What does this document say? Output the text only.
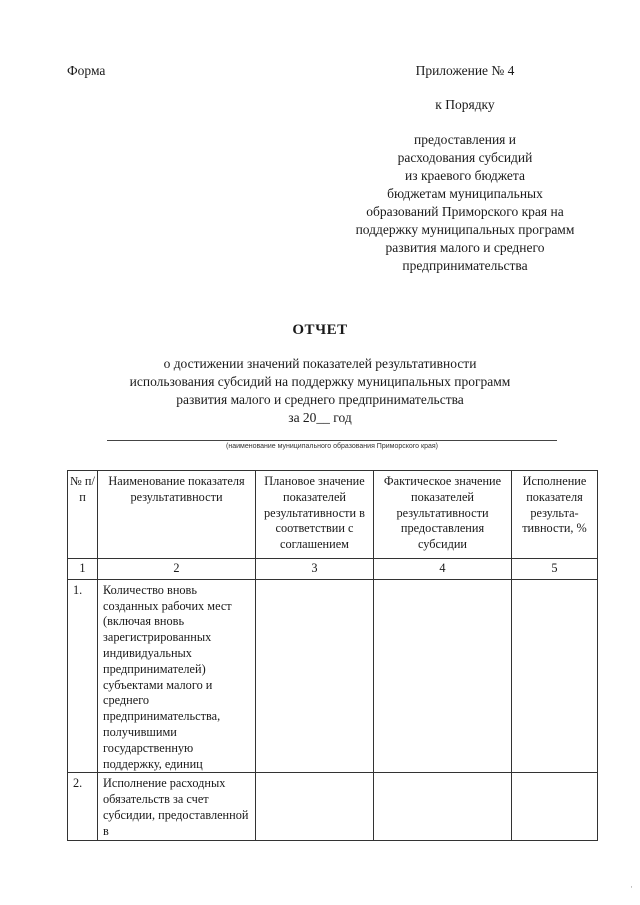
Форма	Приложение № 4
к Порядку
предоставления и
расходования субсидий
из краевого бюджета
бюджетам муниципальных
образований Приморского края на
поддержку муниципальных программ
развития малого и среднего
предпринимательства
ОТЧЕТ
о достижении значений показателей результативности
использования субсидий на поддержку муниципальных программ
развития малого и среднего предпринимательства
за 20__ год
(наименование муниципального образования Приморского края)
№ п/п	Наименование показателя результативности	Плановое значение показателей результативности в соответствии с соглашением	Фактическое значение показателей результативности предоставления субсидии	Исполнение показателя результа-тивности, %
1	2	3	4	5
1.	Количество вновь созданных рабочих мест (включая вновь зарегистрированных индивидуальных предпринимателей) субъектами малого и среднего предпринимательства, получившими государственную поддержку, единиц			
2.	Исполнение расходных обязательств за счет субсидии, предоставленной в			
·
